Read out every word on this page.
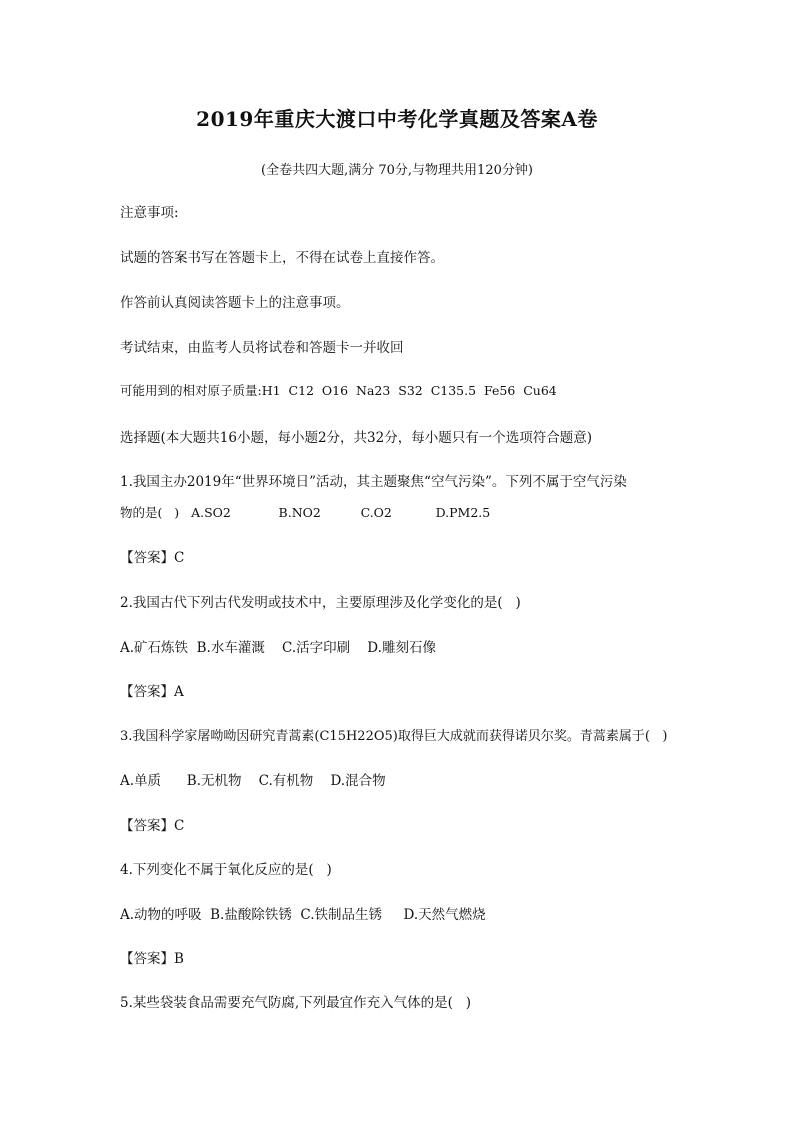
2019年重庆大渡口中考化学真题及答案A卷
(全卷共四大题,满分 70分,与物理共用120分钟)
注意事项:
试题的答案书写在答题卡上，不得在试卷上直接作答。
作答前认真阅读答题卡上的注意事项。
考试结束，由监考人员将试卷和答题卡一并收回
可能用到的相对原子质量:H1  C12  O16  Na23  S32  C135.5  Fe56  Cu64
选择题(本大题共16小题，每小题2分，共32分，每小题只有一个选项符合题意)
1.我国主办2019年“世界环境日”活动，其主题聚焦“空气污染”。下列不属于空气污染
物的是(   )   A.SO2            B.NO2          C.O2           D.PM2.5
【答案】C
2.我国古代下列古代发明或技术中，主要原理涉及化学变化的是(   )
A.矿石炼铁  B.水车灌溉    C.活字印刷    D.雕刻石像
【答案】A
3.我国科学家屠呦呦因研究青蒿素(C15H22O5)取得巨大成就而获得诺贝尔奖。青蒿素属于(   )
A.单质      B.无机物    C.有机物    D.混合物
【答案】C
4.下列变化不属于氧化反应的是(   )
A.动物的呼吸  B.盐酸除铁锈  C.铁制品生锈     D.天然气燃烧
【答案】B
5.某些袋装食品需要充气防腐,下列最宜作充入气体的是(   )
